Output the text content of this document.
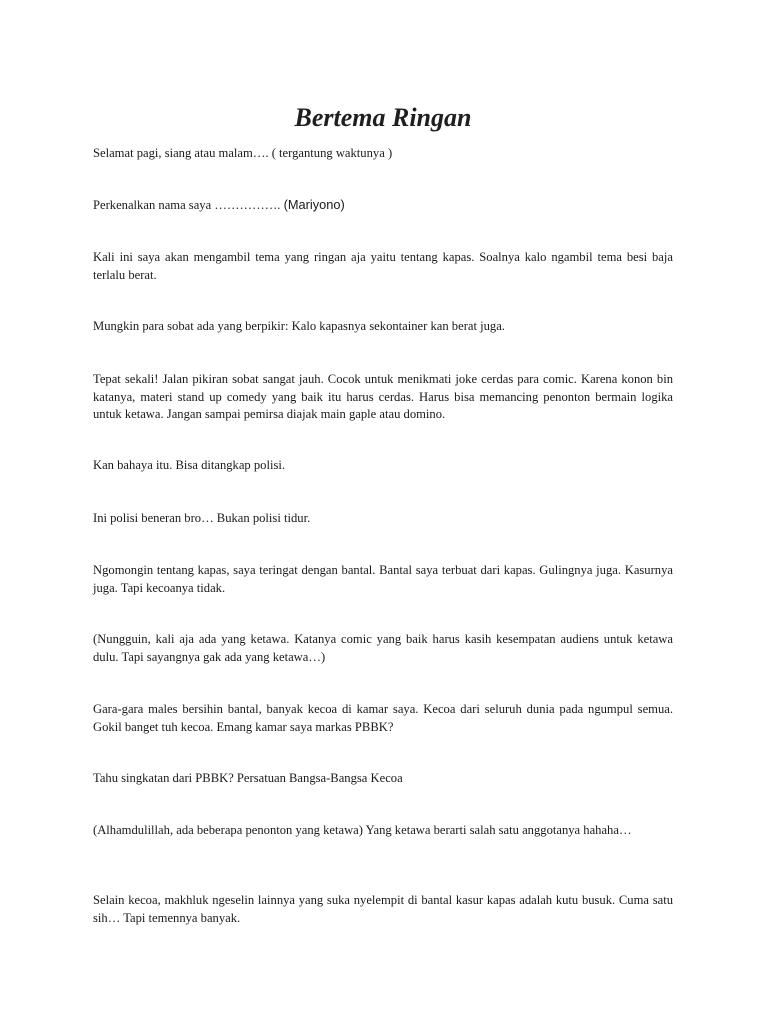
Bertema Ringan

Selamat pagi, siang atau malam…. ( tergantung waktunya )

Perkenalkan nama saya ……………. (Mariyono)

Kali ini saya akan mengambil tema yang ringan aja yaitu tentang kapas. Soalnya kalo ngambil tema besi baja terlalu berat.

Mungkin para sobat ada yang berpikir: Kalo kapasnya sekontainer kan berat juga.

Tepat sekali! Jalan pikiran sobat sangat jauh. Cocok untuk menikmati joke cerdas para comic. Karena konon bin katanya, materi stand up comedy yang baik itu harus cerdas. Harus bisa memancing penonton bermain logika untuk ketawa. Jangan sampai pemirsa diajak main gaple atau domino.

Kan bahaya itu. Bisa ditangkap polisi.

Ini polisi beneran bro… Bukan polisi tidur.

Ngomongin tentang kapas, saya teringat dengan bantal. Bantal saya terbuat dari kapas. Gulingnya juga. Kasurnya juga. Tapi kecoanya tidak.

(Nungguin, kali aja ada yang ketawa. Katanya comic yang baik harus kasih kesempatan audiens untuk ketawa dulu. Tapi sayangnya gak ada yang ketawa…)

Gara-gara males bersihin bantal, banyak kecoa di kamar saya. Kecoa dari seluruh dunia pada ngumpul semua. Gokil banget tuh kecoa. Emang kamar saya markas PBBK?

Tahu singkatan dari PBBK? Persatuan Bangsa-Bangsa Kecoa

(Alhamdulillah, ada beberapa penonton yang ketawa) Yang ketawa berarti salah satu anggotanya hahaha…

Selain kecoa, makhluk ngeselin lainnya yang suka nyelempit di bantal kasur kapas adalah kutu busuk. Cuma satu sih… Tapi temennya banyak.
